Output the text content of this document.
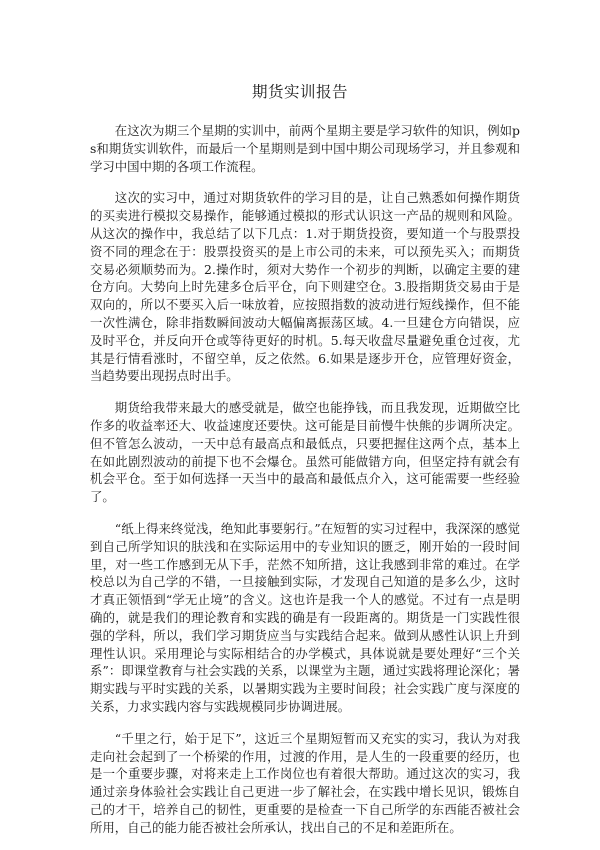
期货实训报告

在这次为期三个星期的实训中，前两个星期主要是学习软件的知识，例如ps和期货实训软件，而最后一个星期则是到中国中期公司现场学习，并且参观和学习中国中期的各项工作流程。

这次的实习中，通过对期货软件的学习目的是，让自己熟悉如何操作期货的买卖进行模拟交易操作，能够通过模拟的形式认识这一产品的规则和风险。从这次的操作中，我总结了以下几点：1.对于期货投资，要知道一个与股票投资不同的理念在于：股票投资买的是上市公司的未来，可以预先买入；而期货交易必须顺势而为。2.操作时，须对大势作一个初步的判断，以确定主要的建仓方向。大势向上时先建多仓后平仓，向下则建空仓。3.股指期货交易由于是双向的，所以不要买入后一味放着，应按照指数的波动进行短线操作，但不能一次性满仓，除非指数瞬间波动大幅偏离振荡区域。4.一旦建仓方向错误，应及时平仓，并反向开仓或等待更好的时机。5.每天收盘尽量避免重仓过夜，尤其是行情看涨时，不留空单，反之依然。6.如果是逐步开仓，应管理好资金，当趋势要出现拐点时出手。

期货给我带来最大的感受就是，做空也能挣钱，而且我发现，近期做空比作多的收益率还大、收益速度还要快。这可能是目前慢牛快熊的步调所决定。但不管怎么波动，一天中总有最高点和最低点，只要把握住这两个点，基本上在如此剧烈波动的前提下也不会爆仓。虽然可能做错方向，但坚定持有就会有机会平仓。至于如何选择一天当中的最高和最低点介入，这可能需要一些经验了。

“纸上得来终觉浅，绝知此事要躬行。”在短暂的实习过程中，我深深的感觉到自己所学知识的肤浅和在实际运用中的专业知识的匮乏，刚开始的一段时间里，对一些工作感到无从下手，茫然不知所措，这让我感到非常的难过。在学校总以为自己学的不错，一旦接触到实际，才发现自己知道的是多么少，这时才真正领悟到“学无止境”的含义。这也许是我一个人的感觉。不过有一点是明确的，就是我们的理论教育和实践的确是有一段距离的。期货是一门实践性很强的学科，所以，我们学习期货应当与实践结合起来。做到从感性认识上升到理性认识。采用理论与实际相结合的办学模式，具体说就是要处理好“三个关系”：即课堂教育与社会实践的关系，以课堂为主题，通过实践将理论深化；暑期实践与平时实践的关系，以暑期实践为主要时间段；社会实践广度与深度的关系，力求实践内容与实践规模同步协调进展。

“千里之行，始于足下”，这近三个星期短暂而又充实的实习，我认为对我走向社会起到了一个桥梁的作用，过渡的作用，是人生的一段重要的经历，也是一个重要步骤，对将来走上工作岗位也有着很大帮助。通过这次的实习，我通过亲身体验社会实践让自己更进一步了解社会，在实践中增长见识，锻炼自己的才干，培养自己的韧性，更重要的是检查一下自己所学的东西能否被社会所用，自己的能力能否被社会所承认，找出自己的不足和差距所在。
